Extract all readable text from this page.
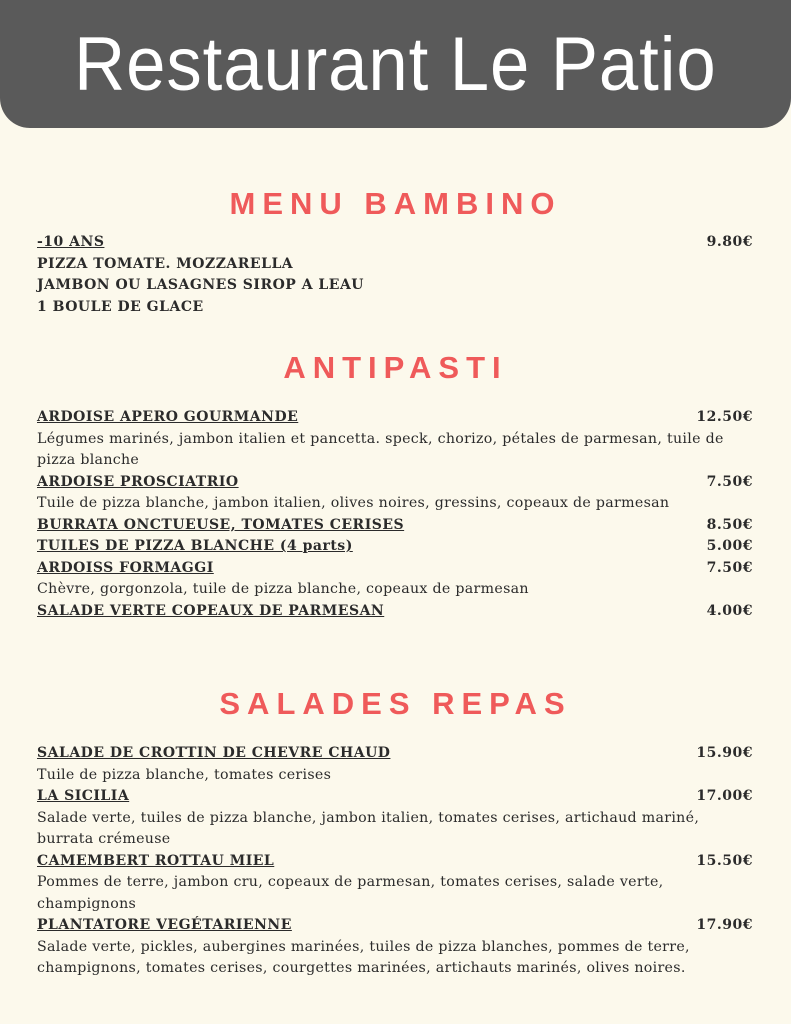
Restaurant Le Patio
MENU BAMBINO
-10 ANS	9.80€
PIZZA TOMATE. MOZZARELLA
JAMBON OU LASAGNES SIROP A LEAU
1 BOULE DE GLACE
ANTIPASTI
ARDOISE APERO GOURMANDE	12.50€
Légumes marinés, jambon italien et pancetta. speck, chorizo, pétales de parmesan, tuile de pizza blanche
ARDOISE PROSCIATRIO	7.50€
Tuile de pizza blanche, jambon italien, olives noires, gressins, copeaux de parmesan
BURRATA ONCTUEUSE, TOMATES CERISES	8.50€
TUILES DE PIZZA BLANCHE (4 parts)	5.00€
ARDOISS FORMAGGI	7.50€
Chèvre, gorgonzola, tuile de pizza blanche, copeaux de parmesan
SALADE VERTE COPEAUX DE PARMESAN	4.00€
SALADES REPAS
SALADE DE CROTTIN DE CHEVRE CHAUD	15.90€
Tuile de pizza blanche, tomates cerises
LA SICILIA	17.00€
Salade verte, tuiles de pizza blanche, jambon italien, tomates cerises, artichaud mariné, burrata crémeuse
CAMEMBERT ROTTAU MIEL	15.50€
Pommes de terre, jambon cru, copeaux de parmesan, tomates cerises, salade verte, champignons
PLANTATORE VEGÉTARIENNE	17.90€
Salade verte, pickles, aubergines marinées, tuiles de pizza blanches, pommes de terre, champignons, tomates cerises, courgettes marinées, artichauts marinés, olives noires.
